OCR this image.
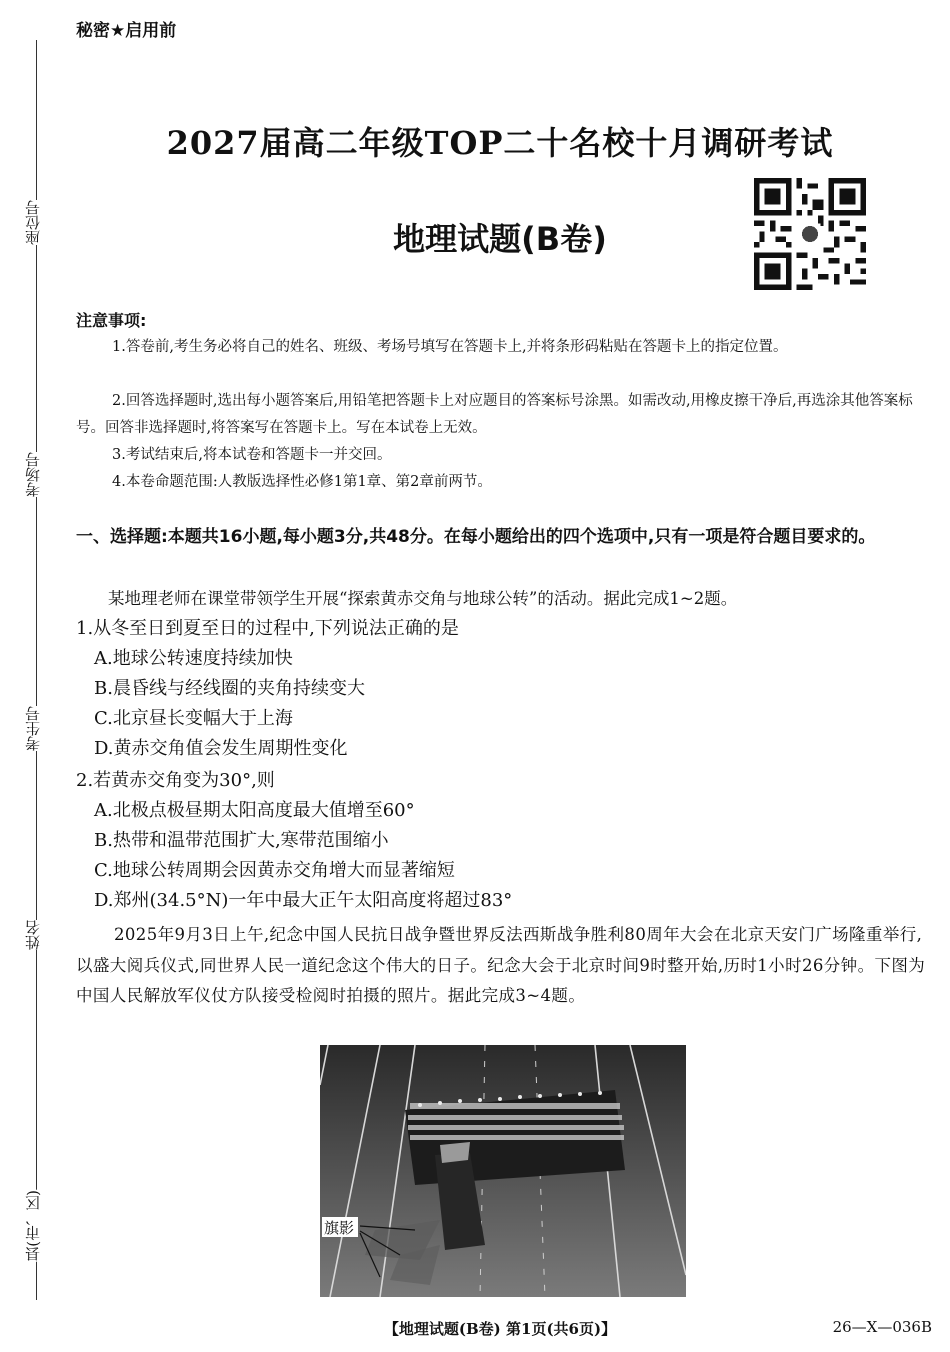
座位号
考场号
考生号
姓名
县(市、区)
秘密★启用前
2027届高二年级TOP二十名校十月调研考试
地理试题(B卷)
注意事项:
1.答卷前,考生务必将自己的姓名、班级、考场号填写在答题卡上,并将条形码粘贴在答题卡上的指定位置。
2.回答选择题时,选出每小题答案后,用铅笔把答题卡上对应题目的答案标号涂黑。如需改动,用橡皮擦干净后,再选涂其他答案标号。回答非选择题时,将答案写在答题卡上。写在本试卷上无效。
3.考试结束后,将本试卷和答题卡一并交回。
4.本卷命题范围:人教版选择性必修1第1章、第2章前两节。
一、选择题:本题共16小题,每小题3分,共48分。在每小题给出的四个选项中,只有一项是符合题目要求的。
某地理老师在课堂带领学生开展“探索黄赤交角与地球公转”的活动。据此完成1~2题。
1.从冬至日到夏至日的过程中,下列说法正确的是
A.地球公转速度持续加快
B.晨昏线与经线圈的夹角持续变大
C.北京昼长变幅大于上海
D.黄赤交角值会发生周期性变化
2.若黄赤交角变为30°,则
A.北极点极昼期太阳高度最大值增至60°
B.热带和温带范围扩大,寒带范围缩小
C.地球公转周期会因黄赤交角增大而显著缩短
D.郑州(34.5°N)一年中最大正午太阳高度将超过83°
2025年9月3日上午,纪念中国人民抗日战争暨世界反法西斯战争胜利80周年大会在北京天安门广场隆重举行,以盛大阅兵仪式,同世界人民一道纪念这个伟大的日子。纪念大会于北京时间9时整开始,历时1小时26分钟。下图为中国人民解放军仪仗方队接受检阅时拍摄的照片。据此完成3~4题。
旗影
【地理试题(B卷) 第1页(共6页)】	26—X—036B
